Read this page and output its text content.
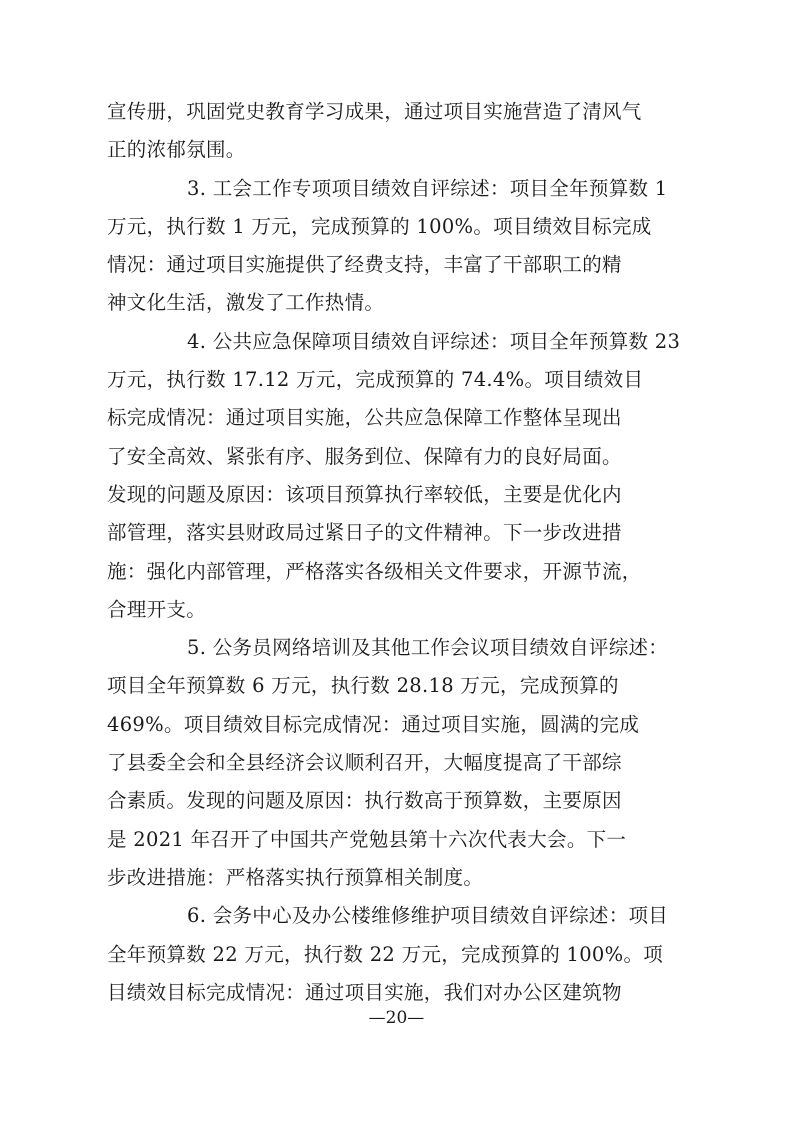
宣传册，巩固党史教育学习成果，通过项目实施营造了清风气
正的浓郁氛围。
3. 工会工作专项项目绩效自评综述：项目全年预算数 1
万元，执行数 1 万元，完成预算的 100%。项目绩效目标完成
情况：通过项目实施提供了经费支持，丰富了干部职工的精
神文化生活，激发了工作热情。
4. 公共应急保障项目绩效自评综述：项目全年预算数 23
万元，执行数 17.12 万元，完成预算的 74.4%。项目绩效目
标完成情况：通过项目实施，公共应急保障工作整体呈现出
了安全高效、紧张有序、服务到位、保障有力的良好局面。
发现的问题及原因：该项目预算执行率较低，主要是优化内
部管理，落实县财政局过紧日子的文件精神。下一步改进措
施：强化内部管理，严格落实各级相关文件要求，开源节流，
合理开支。
5. 公务员网络培训及其他工作会议项目绩效自评综述：
项目全年预算数 6 万元，执行数 28.18 万元，完成预算的
469%。项目绩效目标完成情况：通过项目实施，圆满的完成
了县委全会和全县经济会议顺利召开，大幅度提高了干部综
合素质。发现的问题及原因：执行数高于预算数，主要原因
是 2021 年召开了中国共产党勉县第十六次代表大会。下一
步改进措施：严格落实执行预算相关制度。
6. 会务中心及办公楼维修维护项目绩效自评综述：项目
全年预算数 22 万元，执行数 22 万元，完成预算的 100%。项
目绩效目标完成情况：通过项目实施，我们对办公区建筑物
—20—
